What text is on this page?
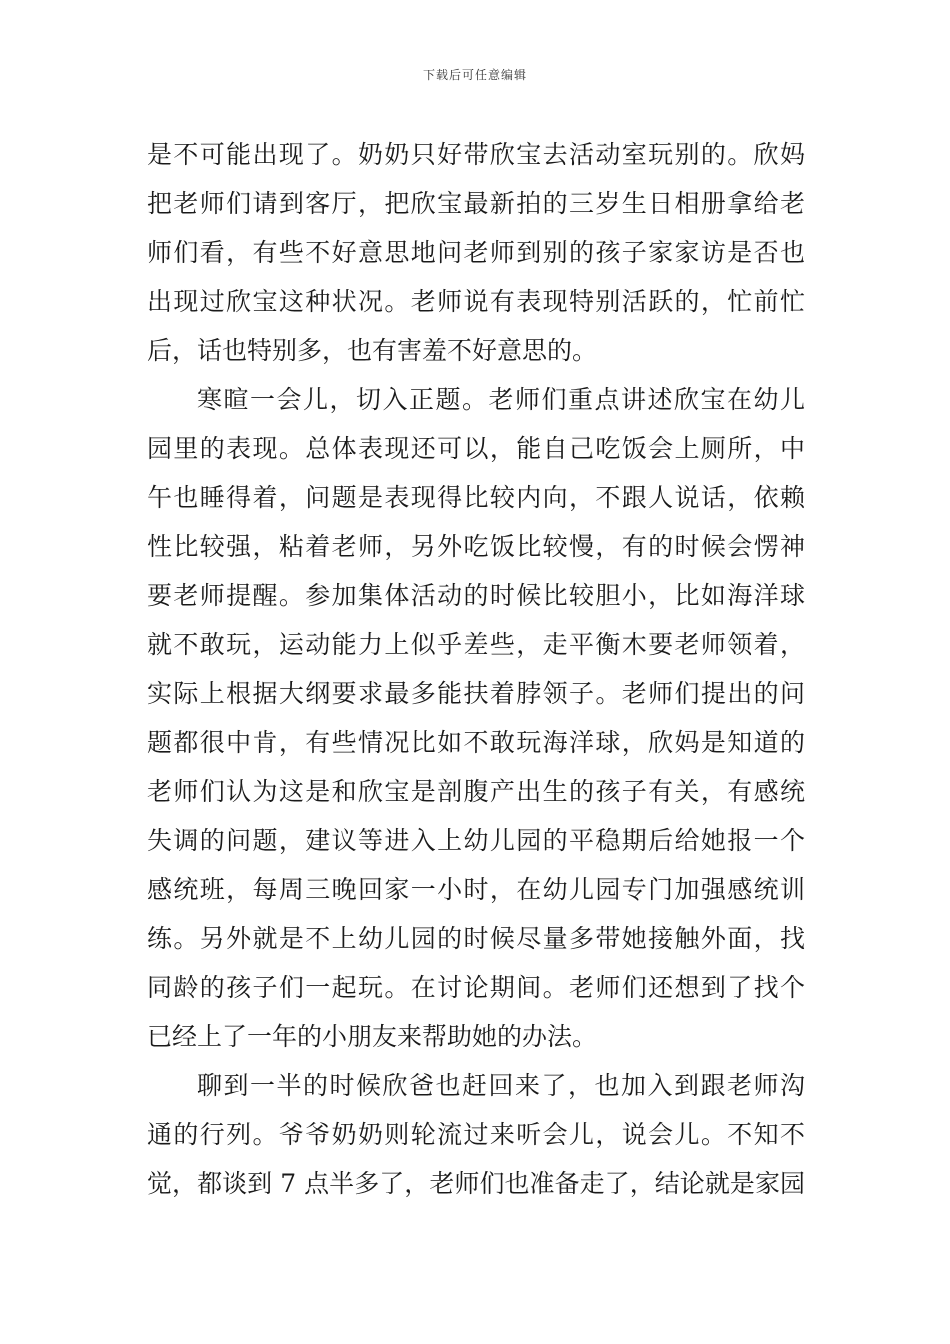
下载后可任意编辑
是不可能出现了。奶奶只好带欣宝去活动室玩别的。欣妈
把老师们请到客厅，把欣宝最新拍的三岁生日相册拿给老
师们看，有些不好意思地问老师到别的孩子家家访是否也
出现过欣宝这种状况。老师说有表现特别活跃的，忙前忙
后，话也特别多，也有害羞不好意思的。
寒暄一会儿，切入正题。老师们重点讲述欣宝在幼儿
园里的表现。总体表现还可以，能自己吃饭会上厕所，中
午也睡得着，问题是表现得比较内向，不跟人说话，依赖
性比较强，粘着老师，另外吃饭比较慢，有的时候会愣神
要老师提醒。参加集体活动的时候比较胆小，比如海洋球
就不敢玩，运动能力上似乎差些，走平衡木要老师领着，
实际上根据大纲要求最多能扶着脖领子。老师们提出的问
题都很中肯，有些情况比如不敢玩海洋球，欣妈是知道的
老师们认为这是和欣宝是剖腹产出生的孩子有关，有感统
失调的问题，建议等进入上幼儿园的平稳期后给她报一个
感统班，每周三晚回家一小时，在幼儿园专门加强感统训
练。另外就是不上幼儿园的时候尽量多带她接触外面，找
同龄的孩子们一起玩。在讨论期间。老师们还想到了找个
已经上了一年的小朋友来帮助她的办法。
聊到一半的时候欣爸也赶回来了，也加入到跟老师沟
通的行列。爷爷奶奶则轮流过来听会儿，说会儿。不知不
觉，都谈到 7 点半多了，老师们也准备走了，结论就是家园
